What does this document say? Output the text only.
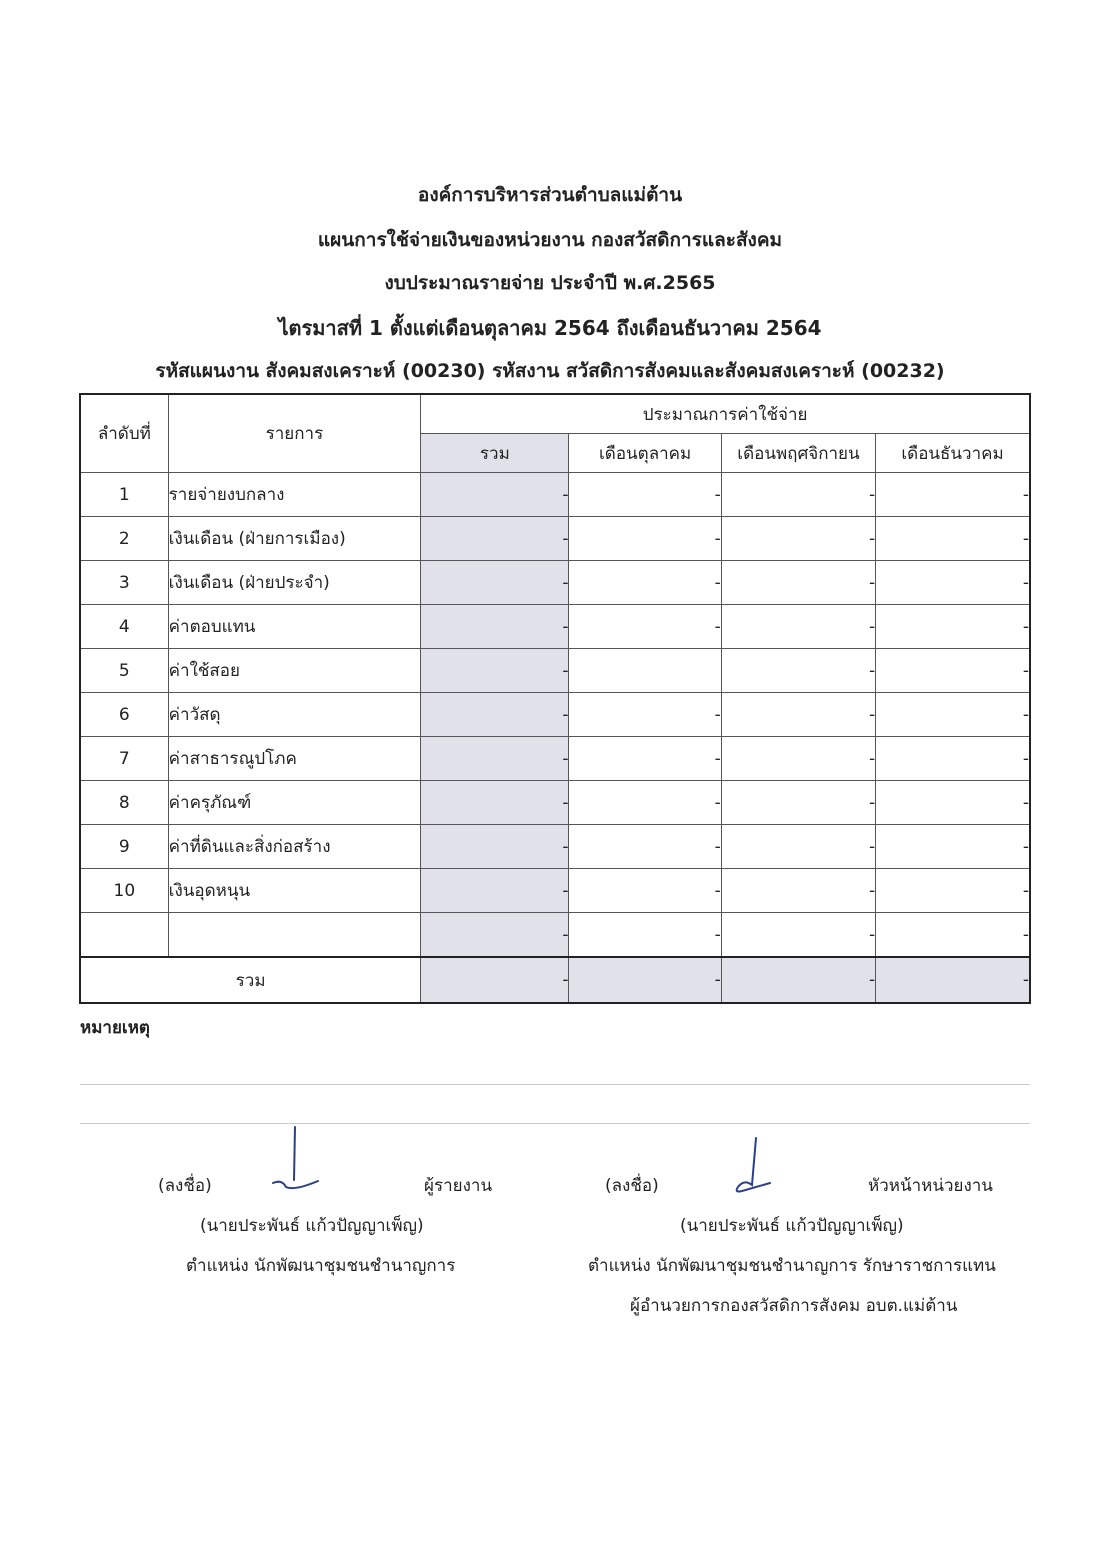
องค์การบริหารส่วนตำบลแม่ต้าน
แผนการใช้จ่ายเงินของหน่วยงาน กองสวัสดิการและสังคม
งบประมาณรายจ่าย ประจำปี พ.ศ.2565
ไตรมาสที่ 1 ตั้งแต่เดือนตุลาคม 2564 ถึงเดือนธันวาคม 2564
รหัสแผนงาน สังคมสงเคราะห์ (00230) รหัสงาน สวัสดิการสังคมและสังคมสงเคราะห์ (00232)
ลำดับที่	รายการ	ประมาณการค่าใช้จ่าย			
		รวม	เดือนตุลาคม	เดือนพฤศจิกายน	เดือนธันวาคม
1	รายจ่ายงบกลาง	-	-	-	-
2	เงินเดือน (ฝ่ายการเมือง)	-	-	-	-
3	เงินเดือน (ฝ่ายประจำ)	-	-	-	-
4	ค่าตอบแทน	-	-	-	-
5	ค่าใช้สอย	-		-	-
6	ค่าวัสดุ	-	-	-	-
7	ค่าสาธารณูปโภค	-	-	-	-
8	ค่าครุภัณฑ์	-	-	-	-
9	ค่าที่ดินและสิ่งก่อสร้าง	-	-	-	-
10	เงินอุดหนุน	-	-	-	-
		-	-	-	-
รวม		-	-	-	-
หมายเหตุ
(ลงชื่อ)	ผู้รายงาน
(นายประพันธ์ แก้วปัญญาเพ็ญ)
ตำแหน่ง นักพัฒนาชุมชนชำนาญการ
(ลงชื่อ)	หัวหน้าหน่วยงาน
(นายประพันธ์ แก้วปัญญาเพ็ญ)
ตำแหน่ง นักพัฒนาชุมชนชำนาญการ รักษาราชการแทน
ผู้อำนวยการกองสวัสดิการสังคม อบต.แม่ต้าน
